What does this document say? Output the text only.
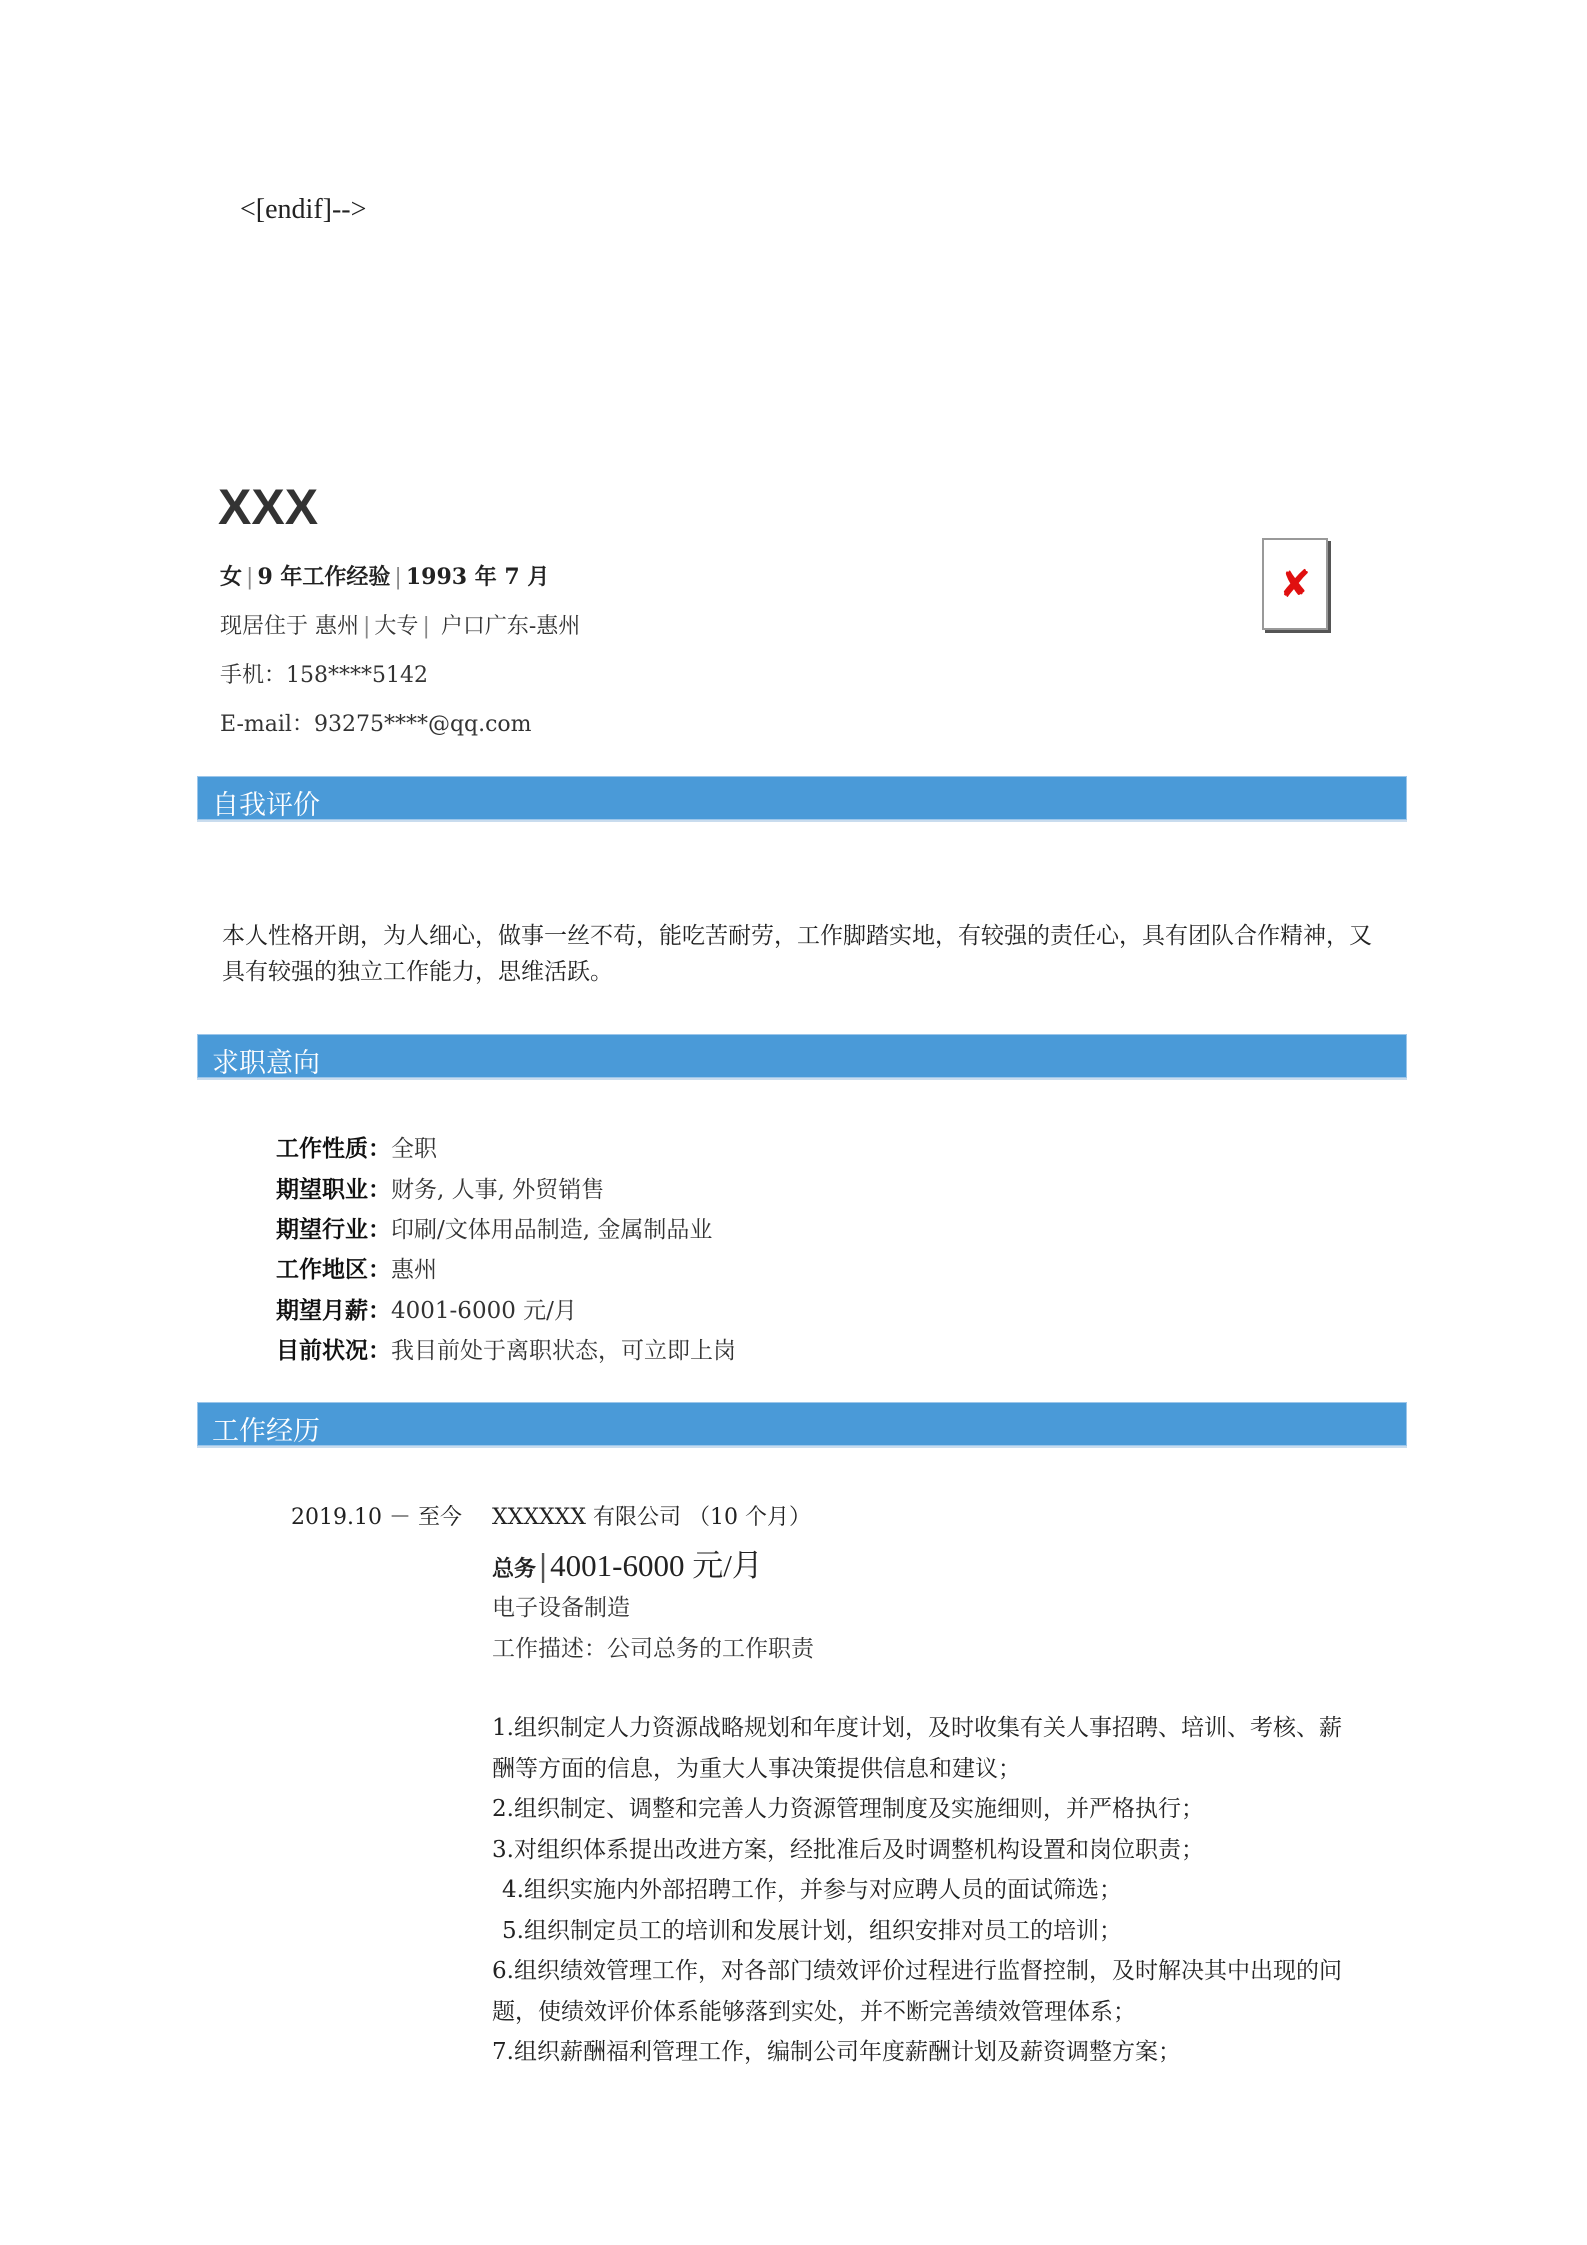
<[endif]-->
XXX
女 | 9 年工作经验 | 1993 年 7 月
现居住于 惠州 | 大专 | 户口广东-惠州
手机：158****5142
E-mail：93275****@qq.com
✘
自我评价
本人性格开朗，为人细心，做事一丝不苟，能吃苦耐劳，工作脚踏实地，有较强的责任心，具有团队合作精神，又具有较强的独立工作能力，思维活跃。
求职意向
工作性质：全职
期望职业：财务, 人事, 外贸销售
期望行业：印刷/文体用品制造, 金属制品业
工作地区：惠州
期望月薪：4001-6000 元/月
目前状况：我目前处于离职状态，可立即上岗
工作经历
2019.10 － 至今 XXXXXX 有限公司 （10 个月）
总务|4001-6000 元/月
电子设备制造
工作描述：公司总务的工作职责
1.组织制定人力资源战略规划和年度计划，及时收集有关人事招聘、培训、考核、薪酬等方面的信息，为重大人事决策提供信息和建议；
2.组织制定、调整和完善人力资源管理制度及实施细则，并严格执行；
3.对组织体系提出改进方案，经批准后及时调整机构设置和岗位职责；
4.组织实施内外部招聘工作，并参与对应聘人员的面试筛选；
5.组织制定员工的培训和发展计划，组织安排对员工的培训；
6.组织绩效管理工作，对各部门绩效评价过程进行监督控制，及时解决其中出现的问题，使绩效评价体系能够落到实处，并不断完善绩效管理体系；
7.组织薪酬福利管理工作，编制公司年度薪酬计划及薪资调整方案；
